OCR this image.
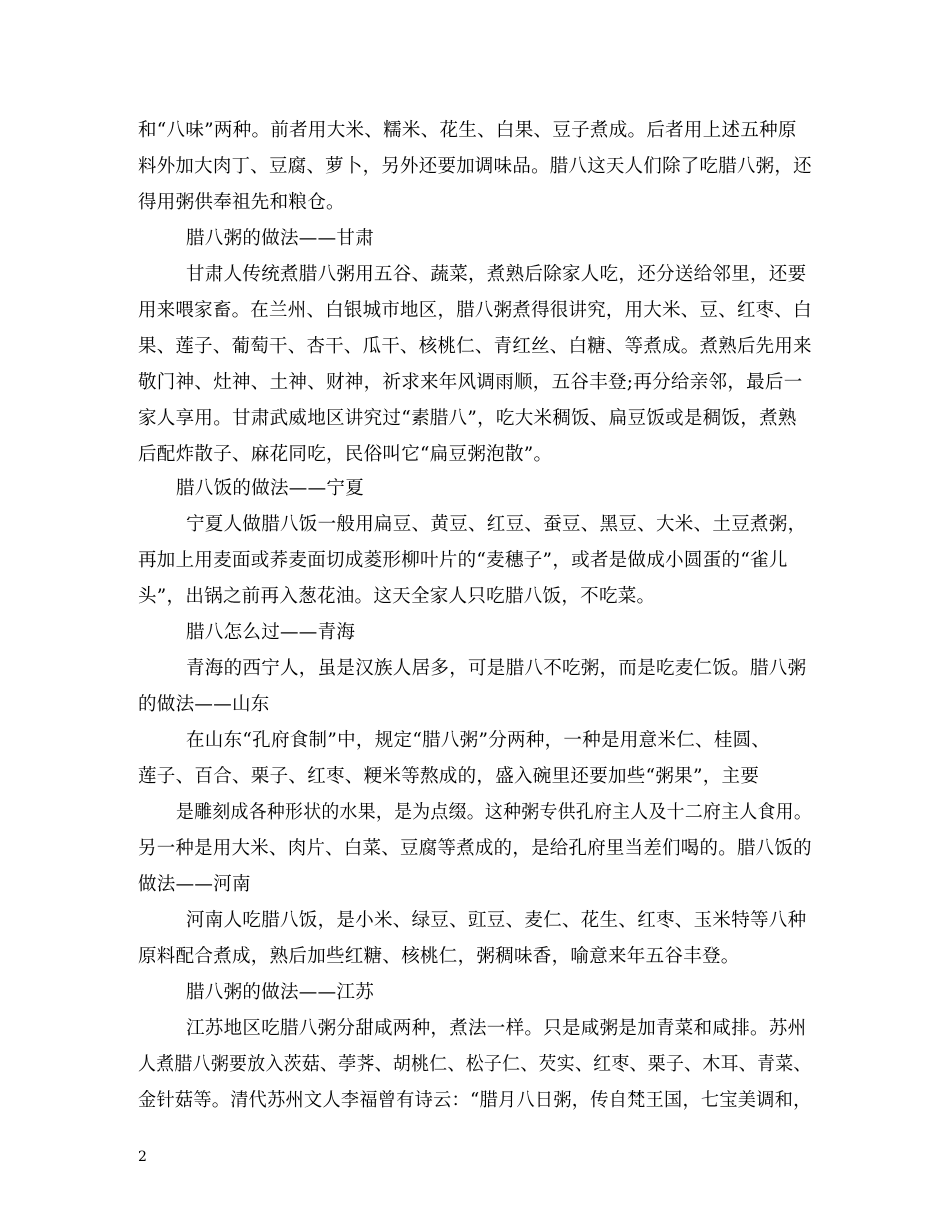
和“八味”两种。前者用大米、糯米、花生、白果、豆子煮成。后者用上述五种原
料外加大肉丁、豆腐、萝卜，另外还要加调味品。腊八这天人们除了吃腊八粥，还
得用粥供奉祖先和粮仓。
腊八粥的做法——甘肃
甘肃人传统煮腊八粥用五谷、蔬菜，煮熟后除家人吃，还分送给邻里，还要
用来喂家畜。在兰州、白银城市地区，腊八粥煮得很讲究，用大米、豆、红枣、白
果、莲子、葡萄干、杏干、瓜干、核桃仁、青红丝、白糖、等煮成。煮熟后先用来
敬门神、灶神、土神、财神，祈求来年风调雨顺，五谷丰登;再分给亲邻，最后一
家人享用。甘肃武威地区讲究过“素腊八”，吃大米稠饭、扁豆饭或是稠饭，煮熟
后配炸散子、麻花同吃，民俗叫它“扁豆粥泡散”。
腊八饭的做法——宁夏
宁夏人做腊八饭一般用扁豆、黄豆、红豆、蚕豆、黑豆、大米、土豆煮粥，
再加上用麦面或荞麦面切成菱形柳叶片的“麦穗子”，或者是做成小圆蛋的“雀儿
头”，出锅之前再入葱花油。这天全家人只吃腊八饭，不吃菜。
腊八怎么过——青海
青海的西宁人，虽是汉族人居多，可是腊八不吃粥，而是吃麦仁饭。腊八粥
的做法——山东
在山东“孔府食制”中，规定“腊八粥”分两种，一种是用意米仁、桂圆、
莲子、百合、栗子、红枣、粳米等熬成的，盛入碗里还要加些“粥果”，主要
是雕刻成各种形状的水果，是为点缀。这种粥专供孔府主人及十二府主人食用。
另一种是用大米、肉片、白菜、豆腐等煮成的，是给孔府里当差们喝的。腊八饭的
做法——河南
河南人吃腊八饭，是小米、绿豆、豇豆、麦仁、花生、红枣、玉米特等八种
原料配合煮成，熟后加些红糖、核桃仁，粥稠味香，喻意来年五谷丰登。
腊八粥的做法——江苏
江苏地区吃腊八粥分甜咸两种，煮法一样。只是咸粥是加青菜和咸排。苏州
人煮腊八粥要放入茨菇、荸荠、胡桃仁、松子仁、芡实、红枣、栗子、木耳、青菜、
金针菇等。清代苏州文人李福曾有诗云：“腊月八日粥，传自梵王国，七宝美调和，
2
